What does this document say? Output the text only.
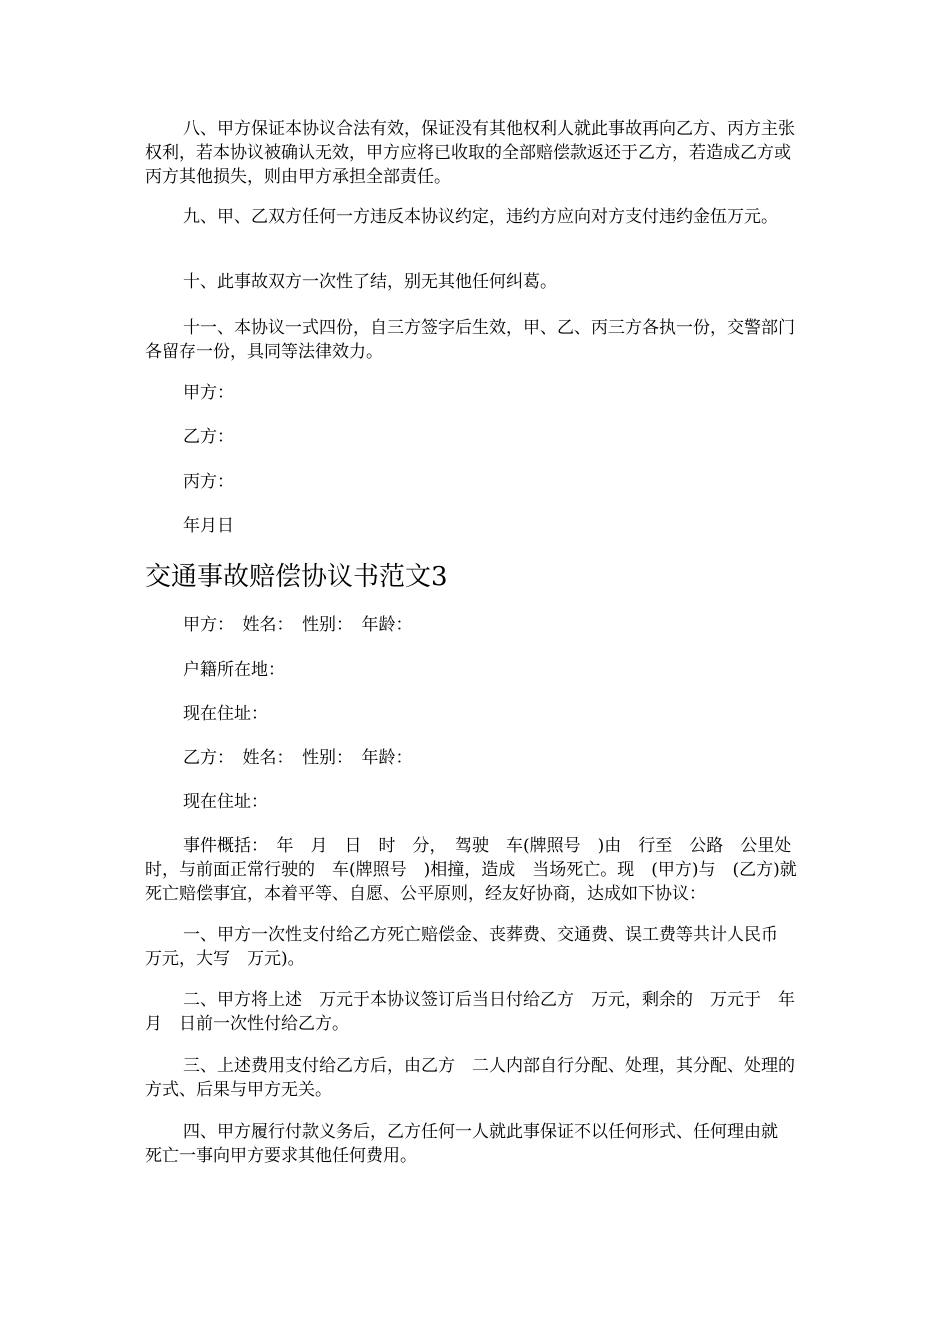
八、甲方保证本协议合法有效，保证没有其他权利人就此事故再向乙方、丙方主张权利，若本协议被确认无效，甲方应将已收取的全部赔偿款返还于乙方，若造成乙方或丙方其他损失，则由甲方承担全部责任。

九、甲、乙双方任何一方违反本协议约定，违约方应向对方支付违约金伍万元。

十、此事故双方一次性了结，别无其他任何纠葛。

十一、本协议一式四份，自三方签字后生效，甲、乙、丙三方各执一份，交警部门各留存一份，具同等法律效力。

甲方：

乙方：

丙方：

年月日

交通事故赔偿协议书范文3

甲方：　姓名：　性别：　年龄：

户籍所在地：

现在住址：

乙方：　姓名：　性别：　年龄：

现在住址：

事件概括：　年　月　日　时　分，　驾驶　车(牌照号　)由　行至　公路　公里处时，与前面正常行驶的　车(牌照号　)相撞，造成　当场死亡。现　(甲方)与　(乙方)就死亡赔偿事宜，本着平等、自愿、公平原则，经友好协商，达成如下协议：

一、甲方一次性支付给乙方死亡赔偿金、丧葬费、交通费、误工费等共计人民币　万元，大写　万元)。

二、甲方将上述　万元于本协议签订后当日付给乙方　万元，剩余的　万元于　年　月　日前一次性付给乙方。

三、上述费用支付给乙方后，由乙方　二人内部自行分配、处理，其分配、处理的方式、后果与甲方无关。

四、甲方履行付款义务后，乙方任何一人就此事保证不以任何形式、任何理由就　死亡一事向甲方要求其他任何费用。
